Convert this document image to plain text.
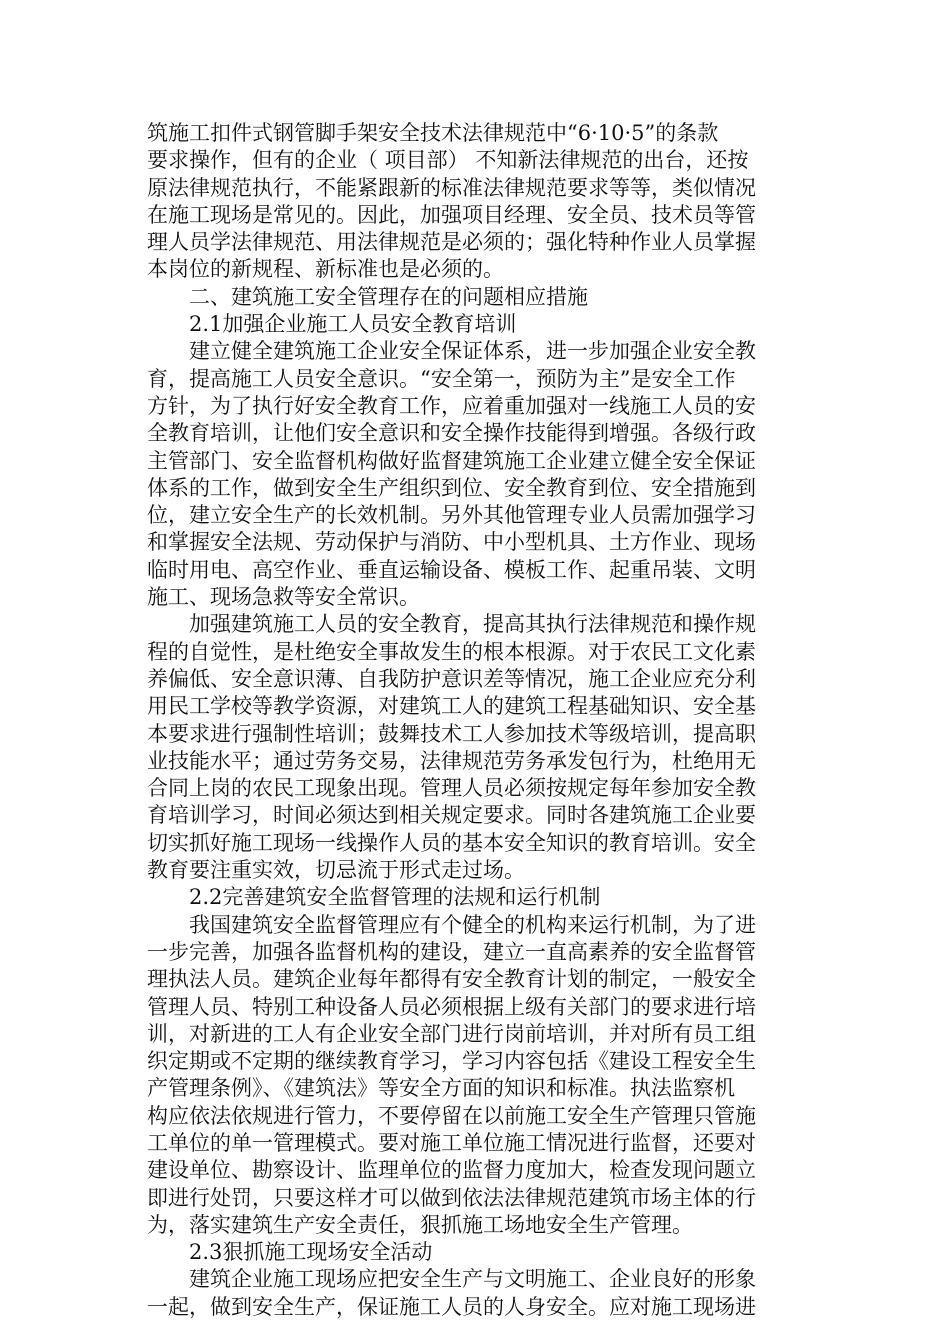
筑施工扣件式钢管脚手架安全技术法律规范中“6·10·5”的条款
要求操作，但有的企业（ 项目部） 不知新法律规范的出台，还按
原法律规范执行，不能紧跟新的标准法律规范要求等等，类似情况
在施工现场是常见的。因此，加强项目经理、安全员、技术员等管
理人员学法律规范、用法律规范是必须的；强化特种作业人员掌握
本岗位的新规程、新标准也是必须的。
二、建筑施工安全管理存在的问题相应措施
2.1加强企业施工人员安全教育培训
建立健全建筑施工企业安全保证体系，进一步加强企业安全教
育，提高施工人员安全意识。“安全第一，预防为主”是安全工作
方针，为了执行好安全教育工作，应着重加强对一线施工人员的安
全教育培训，让他们安全意识和安全操作技能得到增强。各级行政
主管部门、安全监督机构做好监督建筑施工企业建立健全安全保证
体系的工作，做到安全生产组织到位、安全教育到位、安全措施到
位，建立安全生产的长效机制。另外其他管理专业人员需加强学习
和掌握安全法规、劳动保护与消防、中小型机具、土方作业、现场
临时用电、高空作业、垂直运输设备、模板工作、起重吊装、文明
施工、现场急救等安全常识。
加强建筑施工人员的安全教育，提高其执行法律规范和操作规
程的自觉性，是杜绝安全事故发生的根本根源。对于农民工文化素
养偏低、安全意识薄、自我防护意识差等情况，施工企业应充分利
用民工学校等教学资源，对建筑工人的建筑工程基础知识、安全基
本要求进行强制性培训；鼓舞技术工人参加技术等级培训，提高职
业技能水平；通过劳务交易，法律规范劳务承发包行为，杜绝用无
合同上岗的农民工现象出现。管理人员必须按规定每年参加安全教
育培训学习，时间必须达到相关规定要求。同时各建筑施工企业要
切实抓好施工现场一线操作人员的基本安全知识的教育培训。安全
教育要注重实效，切忌流于形式走过场。
2.2完善建筑安全监督管理的法规和运行机制
我国建筑安全监督管理应有个健全的机构来运行机制，为了进
一步完善，加强各监督机构的建设，建立一直高素养的安全监督管
理执法人员。建筑企业每年都得有安全教育计划的制定，一般安全
管理人员、特别工种设备人员必须根据上级有关部门的要求进行培
训，对新进的工人有企业安全部门进行岗前培训，并对所有员工组
织定期或不定期的继续教育学习，学习内容包括《建设工程安全生
产管理条例》、《建筑法》等安全方面的知识和标准。执法监察机
构应依法依规进行管力，不要停留在以前施工安全生产管理只管施
工单位的单一管理模式。要对施工单位施工情况进行监督，还要对
建设单位、勘察设计、监理单位的监督力度加大，检查发现问题立
即进行处罚，只要这样才可以做到依法法律规范建筑市场主体的行
为，落实建筑生产安全责任，狠抓施工场地安全生产管理。
2.3狠抓施工现场安全活动
建筑企业施工现场应把安全生产与文明施工、企业良好的形象
一起，做到安全生产，保证施工人员的人身安全。应对施工现场进
